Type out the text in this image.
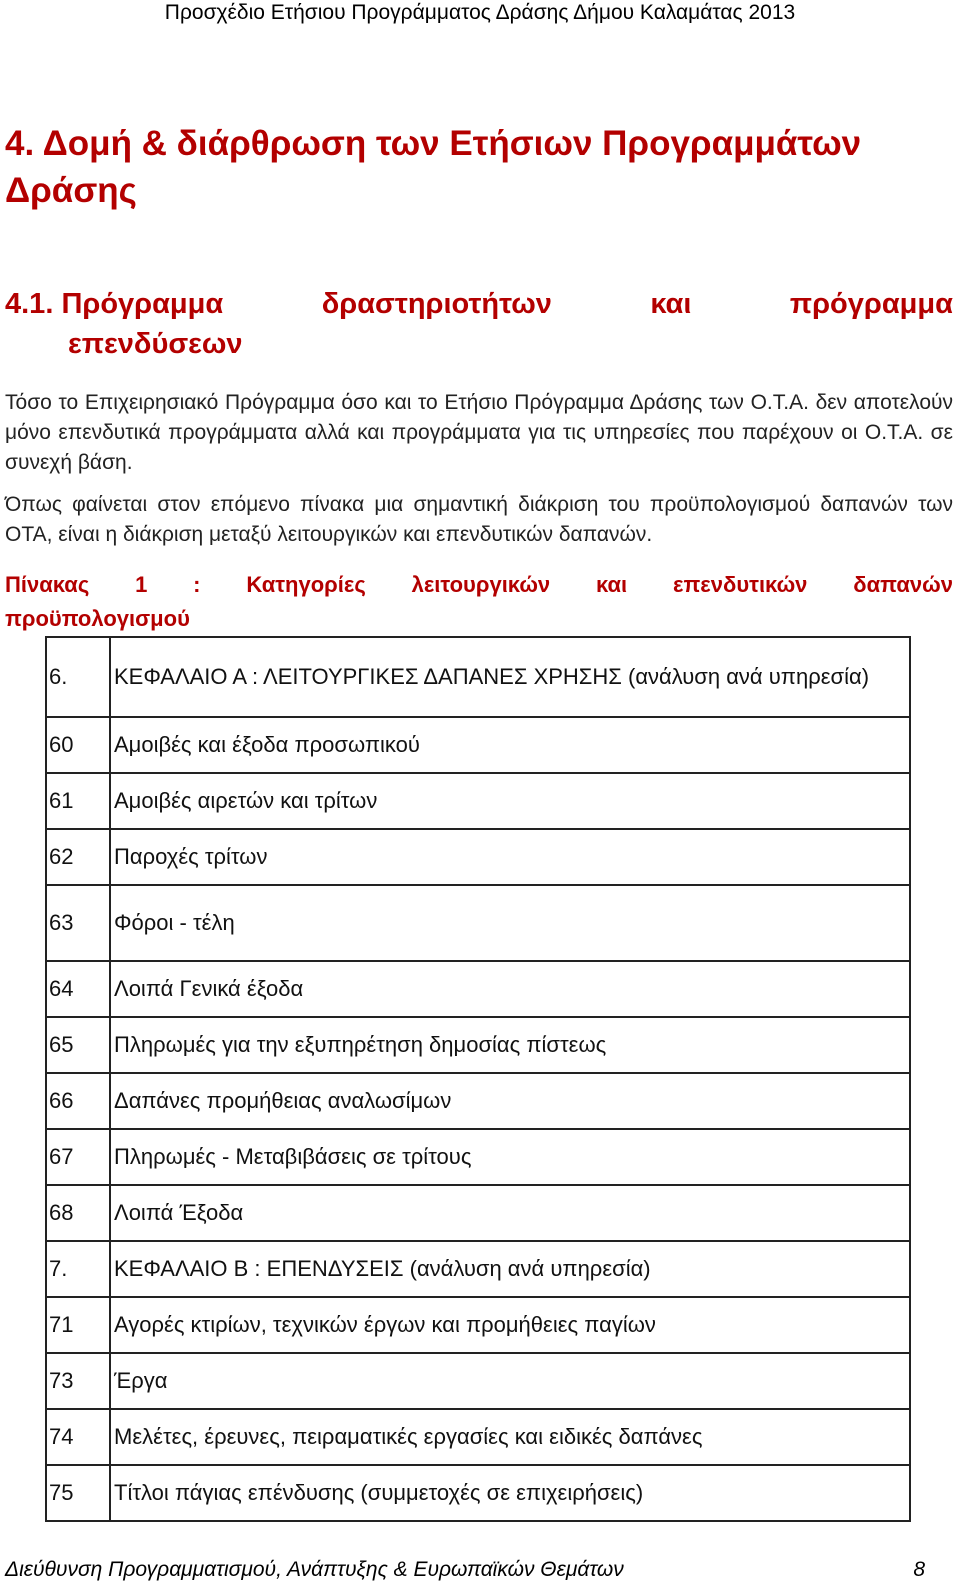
Προσχέδιο Ετήσιου Προγράμματος Δράσης Δήμου Καλαμάτας 2013
4. Δομή & διάρθρωση των Ετήσιων Προγραμμάτων Δράσης
4.1. Πρόγραμμα	δραστηριοτήτων	και	πρόγραμμα
επενδύσεων

Τόσο το Επιχειρησιακό Πρόγραμμα όσο και το Ετήσιο Πρόγραμμα Δράσης των Ο.Τ.Α. δεν αποτελούν μόνο επενδυτικά προγράμματα αλλά και προγράμματα για τις υπηρεσίες που παρέχουν οι Ο.Τ.Α. σε συνεχή βάση.

Όπως φαίνεται στον επόμενο πίνακα μια σημαντική διάκριση του προϋπολογισμού δαπανών των ΟΤΑ, είναι η διάκριση μεταξύ λειτουργικών και επενδυτικών δαπανών.

Πίνακας 1 : Κατηγορίες λειτουργικών και επενδυτικών δαπανών
προϋπολογισμού
6.	ΚΕΦΑΛΑΙΟ Α : ΛΕΙΤΟΥΡΓΙΚΕΣ ΔΑΠΑΝΕΣ ΧΡΗΣΗΣ (ανάλυση ανά υπηρεσία)
60	Αμοιβές και έξοδα προσωπικού
61	Αμοιβές αιρετών και τρίτων
62	Παροχές τρίτων
63	Φόροι - τέλη
64	Λοιπά Γενικά έξοδα
65	Πληρωμές για την εξυπηρέτηση δημοσίας πίστεως
66	Δαπάνες προμήθειας αναλωσίμων
67	Πληρωμές - Μεταβιβάσεις σε τρίτους
68	Λοιπά Έξοδα
7.	ΚΕΦΑΛΑΙΟ Β : ΕΠΕΝΔΥΣΕΙΣ (ανάλυση ανά υπηρεσία)
71	Αγορές κτιρίων, τεχνικών έργων και προμήθειες παγίων
73	Έργα
74	Μελέτες, έρευνες, πειραματικές εργασίες και ειδικές δαπάνες
75	Τίτλοι πάγιας επένδυσης (συμμετοχές σε επιχειρήσεις)
Διεύθυνση Προγραμματισμού, Ανάπτυξης & Ευρωπαϊκών Θεμάτων	8
